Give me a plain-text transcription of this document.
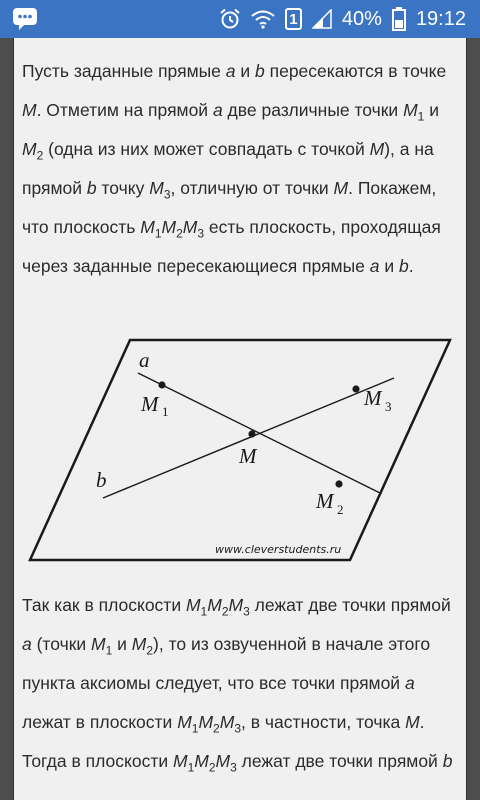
1 40% 19:12

Пусть заданные прямые a и b пересекаются в точке M. Отметим на прямой a две различные точки $M_1$ и $M_2$ (одна из них может совпадать с точкой M), а на прямой b точку $M_3$, отличную от точки M. Покажем, что плоскость $M_1M_2M_3$ есть плоскость, проходящая через заданные пересекающиеся прямые a и b.

a
b
M
M 1
M 2
M 3
www.cleverstudents.ru

Так как в плоскости $M_1M_2M_3$ лежат две точки прямой a (точки $M_1$ и $M_2$), то из озвученной в начале этого пункта аксиомы следует, что все точки прямой a лежат в плоскости $M_1M_2M_3$, в частности, точка M. Тогда в плоскости $M_1M_2M_3$ лежат две точки прямой b
